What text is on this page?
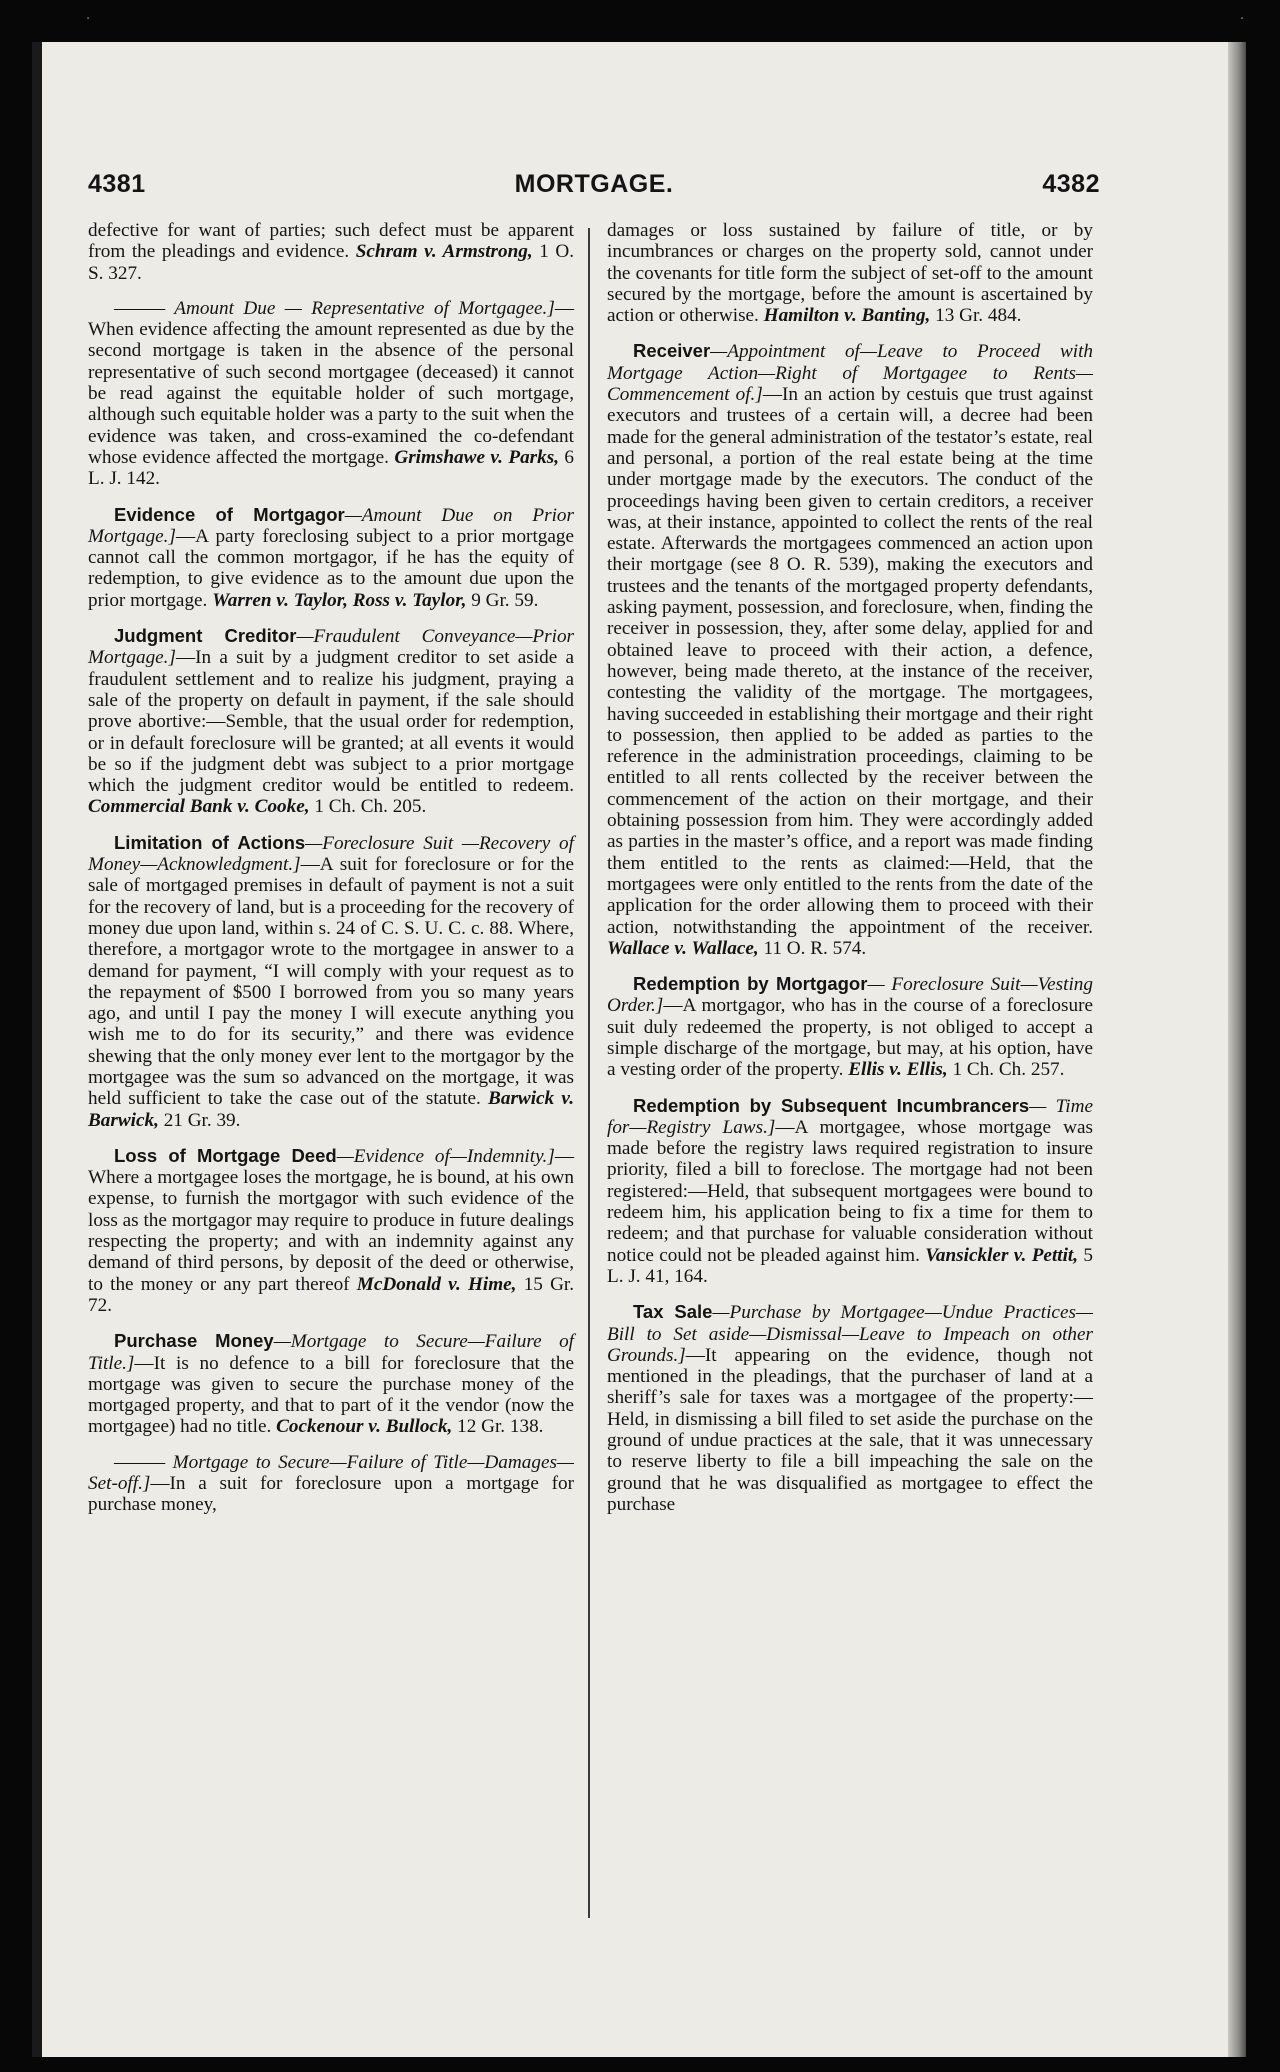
·	·
4381	MORTGAGE.	4382

defective for want of parties; such defect must be apparent from the pleadings and evidence. Schram v. Armstrong, 1 O. S. 327.

——— Amount Due — Representative of Mortgagee.]— When evidence affecting the amount represented as due by the second mortgage is taken in the absence of the personal representative of such second mortgagee (deceased) it cannot be read against the equitable holder of such mortgage, although such equitable holder was a party to the suit when the evidence was taken, and cross-examined the co-defendant whose evidence affected the mortgage. Grimshawe v. Parks, 6 L. J. 142.

Evidence of Mortgagor—Amount Due on Prior Mortgage.]—A party foreclosing subject to a prior mortgage cannot call the common mortgagor, if he has the equity of redemption, to give evidence as to the amount due upon the prior mortgage. Warren v. Taylor, Ross v. Taylor, 9 Gr. 59.

Judgment Creditor—Fraudulent Conveyance—Prior Mortgage.]—In a suit by a judgment creditor to set aside a fraudulent settlement and to realize his judgment, praying a sale of the property on default in payment, if the sale should prove abortive:—Semble, that the usual order for redemption, or in default foreclosure will be granted; at all events it would be so if the judgment debt was subject to a prior mortgage which the judgment creditor would be entitled to redeem. Commercial Bank v. Cooke, 1 Ch. Ch. 205.

Limitation of Actions—Foreclosure Suit —Recovery of Money—Acknowledgment.]—A suit for foreclosure or for the sale of mortgaged premises in default of payment is not a suit for the recovery of land, but is a proceeding for the recovery of money due upon land, within s. 24 of C. S. U. C. c. 88. Where, therefore, a mortgagor wrote to the mortgagee in answer to a demand for payment, “I will comply with your request as to the repayment of $500 I borrowed from you so many years ago, and until I pay the money I will execute anything you wish me to do for its security,” and there was evidence shewing that the only money ever lent to the mortgagor by the mortgagee was the sum so advanced on the mortgage, it was held sufficient to take the case out of the statute. Barwick v. Barwick, 21 Gr. 39.

Loss of Mortgage Deed—Evidence of—Indemnity.]—Where a mortgagee loses the mortgage, he is bound, at his own expense, to furnish the mortgagor with such evidence of the loss as the mortgagor may require to produce in future dealings respecting the property; and with an indemnity against any demand of third persons, by deposit of the deed or otherwise, to the money or any part thereof McDonald v. Hime, 15 Gr. 72.

Purchase Money—Mortgage to Secure—Failure of Title.]—It is no defence to a bill for foreclosure that the mortgage was given to secure the purchase money of the mortgaged property, and that to part of it the vendor (now the mortgagee) had no title. Cockenour v. Bullock, 12 Gr. 138.

——— Mortgage to Secure—Failure of Title—Damages—Set-off.]—In a suit for foreclosure upon a mortgage for purchase money,

damages or loss sustained by failure of title, or by incumbrances or charges on the property sold, cannot under the covenants for title form the subject of set-off to the amount secured by the mortgage, before the amount is ascertained by action or otherwise. Hamilton v. Banting, 13 Gr. 484.

Receiver—Appointment of—Leave to Proceed with Mortgage Action—Right of Mortgagee to Rents—Commencement of.]—In an action by cestuis que trust against executors and trustees of a certain will, a decree had been made for the general administration of the testator’s estate, real and personal, a portion of the real estate being at the time under mortgage made by the executors. The conduct of the proceedings having been given to certain creditors, a receiver was, at their instance, appointed to collect the rents of the real estate. Afterwards the mortgagees commenced an action upon their mortgage (see 8 O. R. 539), making the executors and trustees and the tenants of the mortgaged property defendants, asking payment, possession, and foreclosure, when, finding the receiver in possession, they, after some delay, applied for and obtained leave to proceed with their action, a defence, however, being made thereto, at the instance of the receiver, contesting the validity of the mortgage. The mortgagees, having succeeded in establishing their mortgage and their right to possession, then applied to be added as parties to the reference in the administration proceedings, claiming to be entitled to all rents collected by the receiver between the commencement of the action on their mortgage, and their obtaining possession from him. They were accordingly added as parties in the master’s office, and a report was made finding them entitled to the rents as claimed:—Held, that the mortgagees were only entitled to the rents from the date of the application for the order allowing them to proceed with their action, notwithstanding the appointment of the receiver. Wallace v. Wallace, 11 O. R. 574.

Redemption by Mortgagor— Foreclosure Suit—Vesting Order.]—A mortgagor, who has in the course of a foreclosure suit duly redeemed the property, is not obliged to accept a simple discharge of the mortgage, but may, at his option, have a vesting order of the property. Ellis v. Ellis, 1 Ch. Ch. 257.

Redemption by Subsequent Incumbrancers— Time for—Registry Laws.]—A mortgagee, whose mortgage was made before the registry laws required registration to insure priority, filed a bill to foreclose. The mortgage had not been registered:—Held, that subsequent mortgagees were bound to redeem him, his application being to fix a time for them to redeem; and that purchase for valuable consideration without notice could not be pleaded against him. Vansickler v. Pettit, 5 L. J. 41, 164.

Tax Sale—Purchase by Mortgagee—Undue Practices—Bill to Set aside—Dismissal—Leave to Impeach on other Grounds.]—It appearing on the evidence, though not mentioned in the pleadings, that the purchaser of land at a sheriff’s sale for taxes was a mortgagee of the property:—Held, in dismissing a bill filed to set aside the purchase on the ground of undue practices at the sale, that it was unnecessary to reserve liberty to file a bill impeaching the sale on the ground that he was disqualified as mortgagee to effect the purchase
